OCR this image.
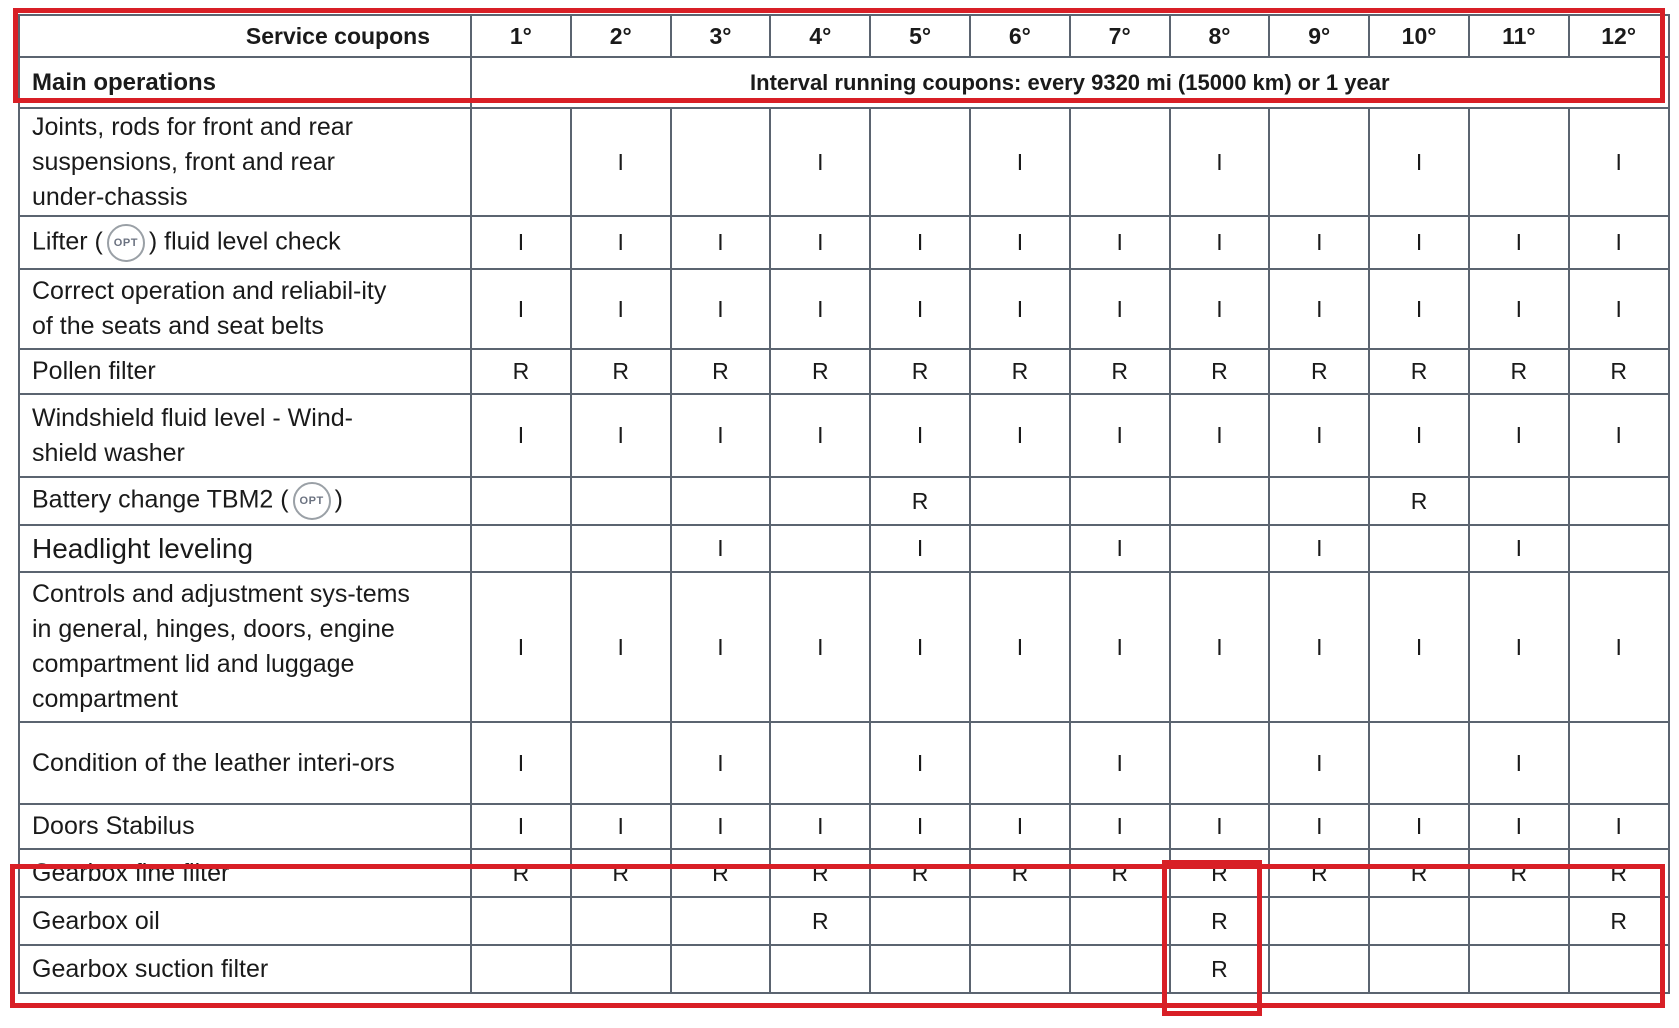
Service coupons	1°	2°	3°	4°	5°	6°	7°	8°	9°	10°	11°	12°
Main operations	Interval running coupons: every 9320 mi (15000 km) or 1 year											
Joints, rods for front and rear suspensions, front and rear under-chassis		I		I		I		I		I		I
Lifter ( OPT ) fluid level check	I	I	I	I	I	I	I	I	I	I	I	I
Correct operation and reliabil-ity of the seats and seat belts	I	I	I	I	I	I	I	I	I	I	I	I
Pollen filter	R	R	R	R	R	R	R	R	R	R	R	R
Windshield fluid level - Wind-shield washer	I	I	I	I	I	I	I	I	I	I	I	I
Battery change TBM2 ( OPT )					R					R		
Headlight leveling			I		I		I		I		I	
Controls and adjustment sys-tems in general, hinges, doors, engine compartment lid and luggage compartment	I	I	I	I	I	I	I	I	I	I	I	I
Condition of the leather interi-ors	I		I		I		I		I		I	
Doors Stabilus	I	I	I	I	I	I	I	I	I	I	I	I
Gearbox fine filter	R	R	R	R	R	R	R	R	R	R	R	R
Gearbox oil				R				R				R
Gearbox suction filter								R				
